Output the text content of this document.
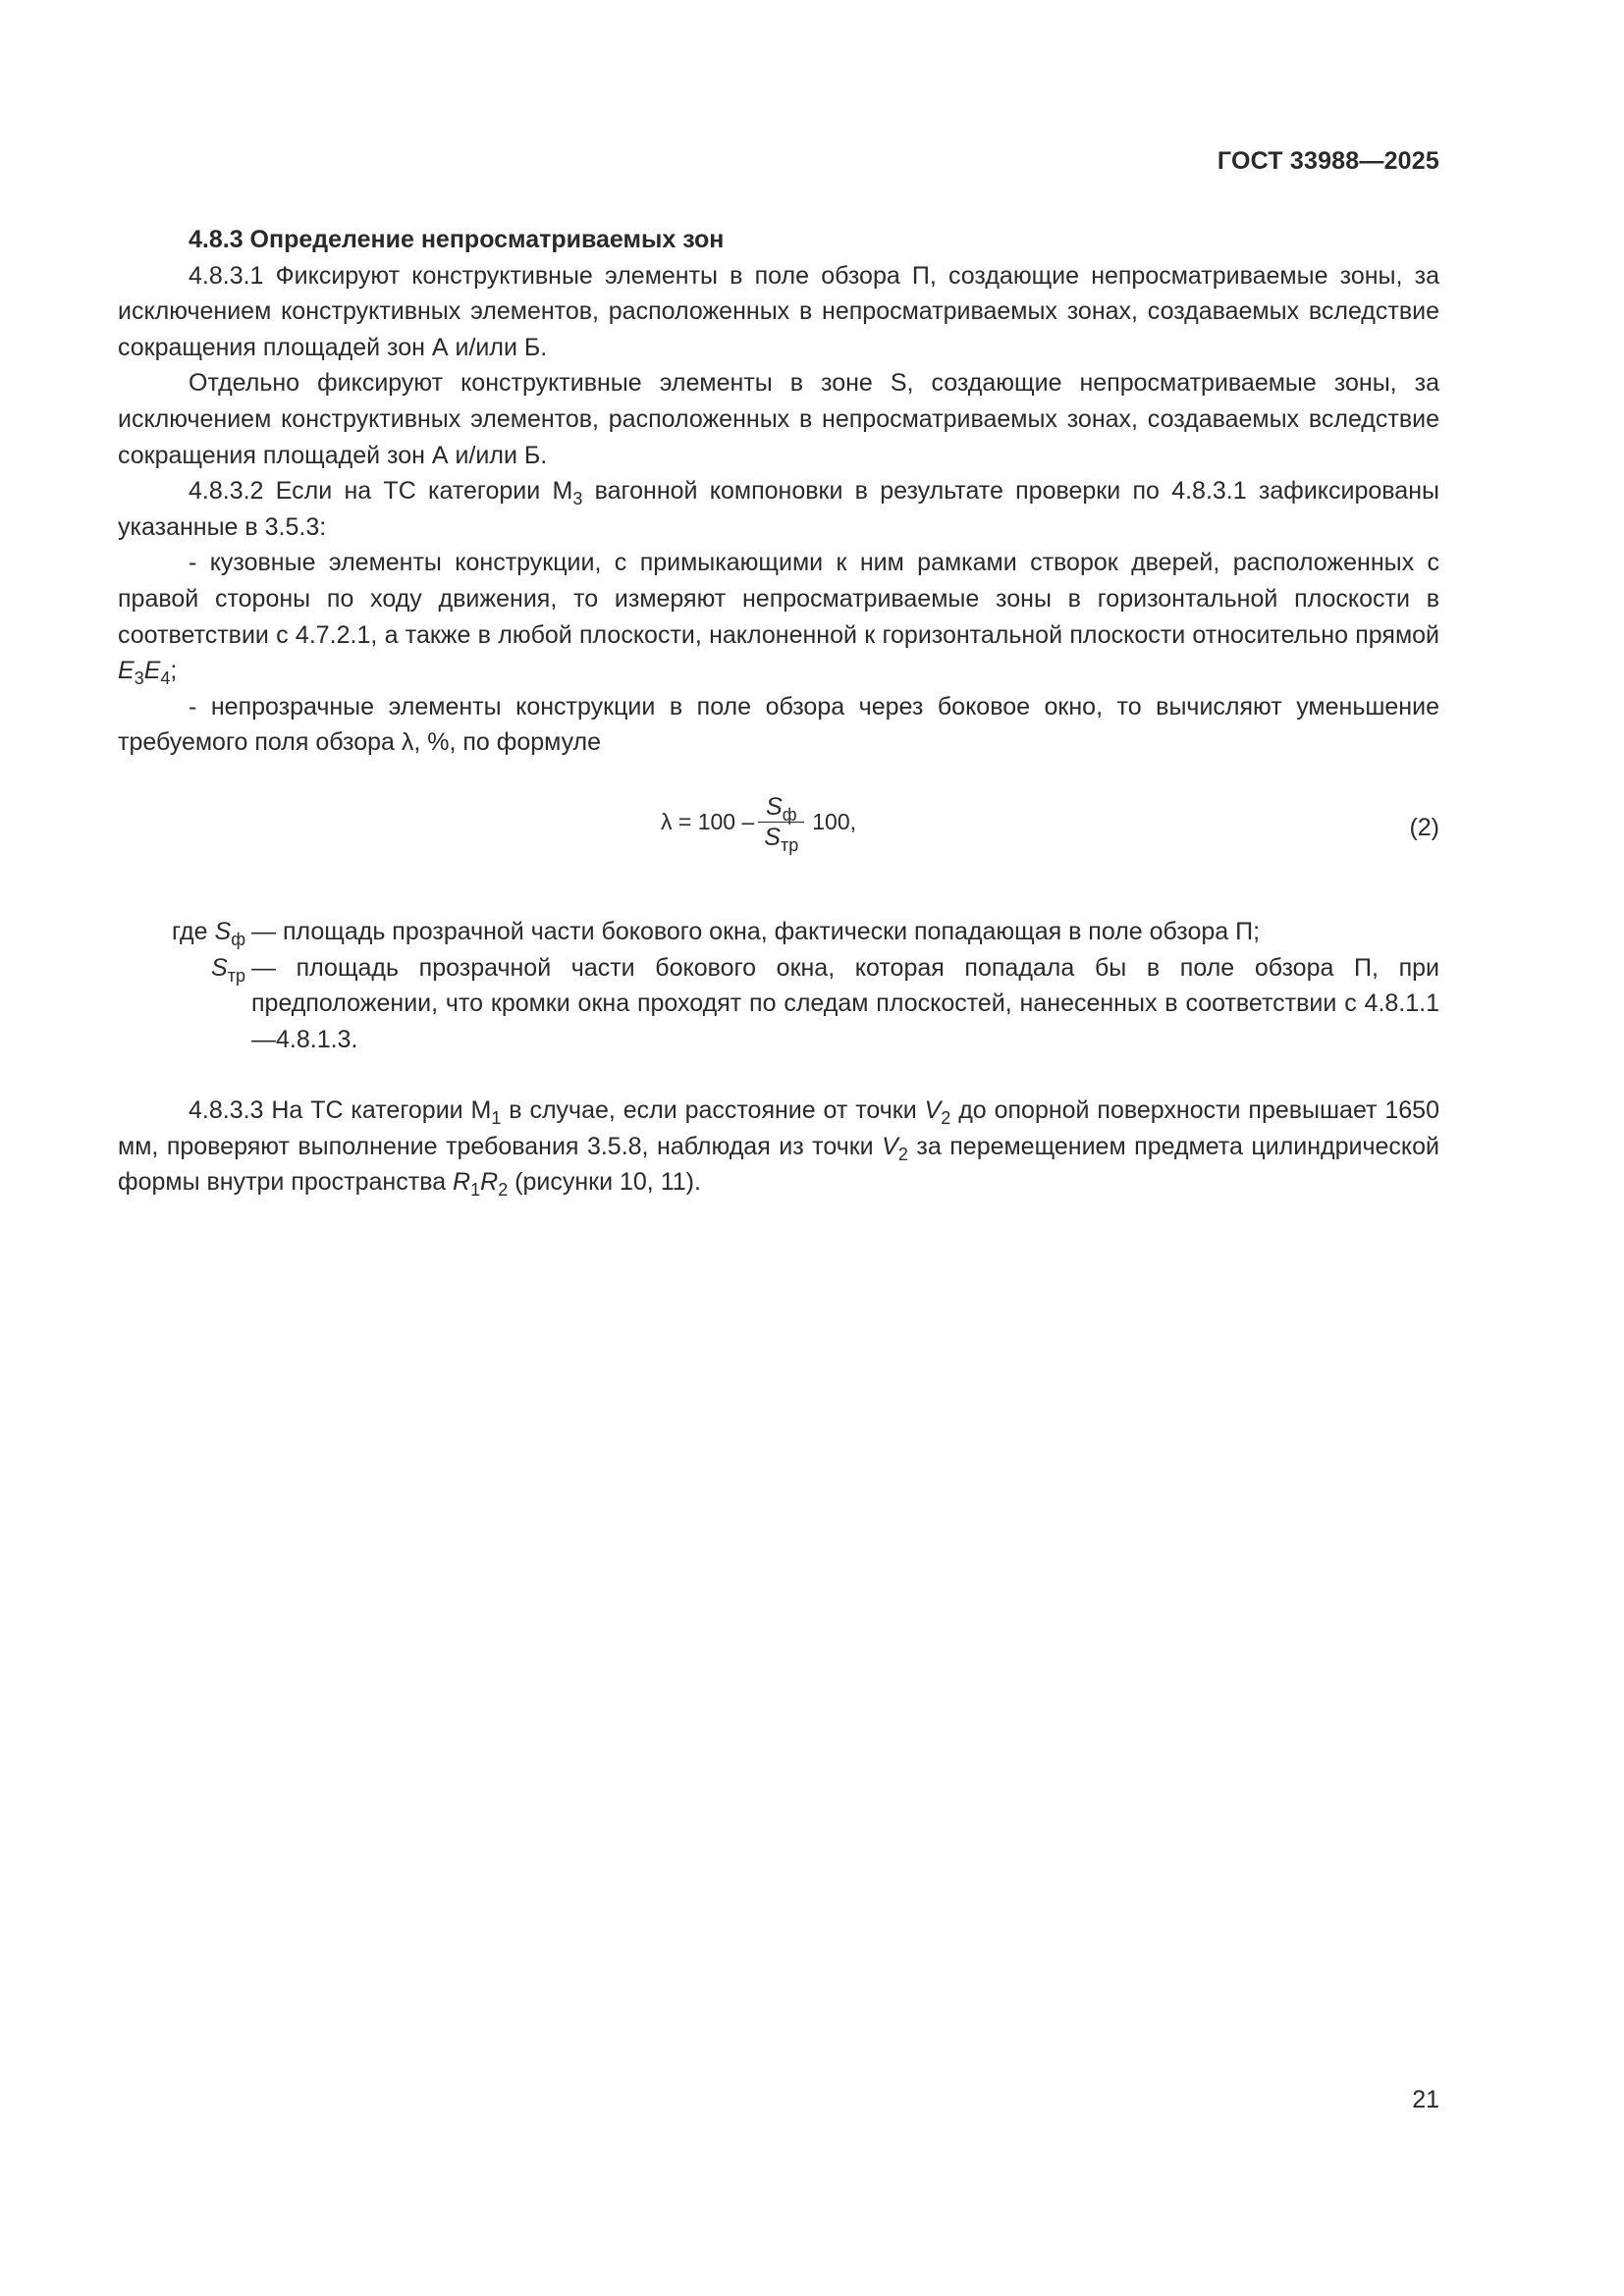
ГОСТ 33988—2025

4.8.3 Определение непросматриваемых зон

4.8.3.1 Фиксируют конструктивные элементы в поле обзора П, создающие непросматриваемые зоны, за исключением конструктивных элементов, расположенных в непросматриваемых зонах, создаваемых вследствие сокращения площадей зон А и/или Б.

Отдельно фиксируют конструктивные элементы в зоне S, создающие непросматриваемые зоны, за исключением конструктивных элементов, расположенных в непросматриваемых зонах, создаваемых вследствие сокращения площадей зон А и/или Б.

4.8.3.2 Если на ТС категории $М_3$ вагонной компоновки в результате проверки по 4.8.3.1 зафиксированы указанные в 3.5.3:

- кузовные элементы конструкции, с примыкающими к ним рамками створок дверей, расположенных с правой стороны по ходу движения, то измеряют непросматриваемые зоны в горизонтальной плоскости в соответствии с 4.7.2.1, а также в любой плоскости, наклоненной к горизонтальной плоскости относительно прямой $E_3E_4$;

- непрозрачные элементы конструкции в поле обзора через боковое окно, то вычисляют уменьшение требуемого поля обзора λ, %, по формуле

$\lambda = 100 - \frac{S_ф}{S_{тр}} 100$,	(2)
где $S_ф$ — площадь прозрачной части бокового окна, фактически попадающая в поле обзора П;
$S_{тр}$ — площадь прозрачной части бокового окна, которая попадала бы в поле обзора П, при предположении, что кромки окна проходят по следам плоскостей, нанесенных в соответствии с 4.8.1.1—4.8.1.3.

4.8.3.3 На ТС категории $М_1$ в случае, если расстояние от точки $V_2$ до опорной поверхности превышает 1650 мм, проверяют выполнение требования 3.5.8, наблюдая из точки $V_2$ за перемещением предмета цилиндрической формы внутри пространства $R_1R_2$ (рисунки 10, 11).

21
